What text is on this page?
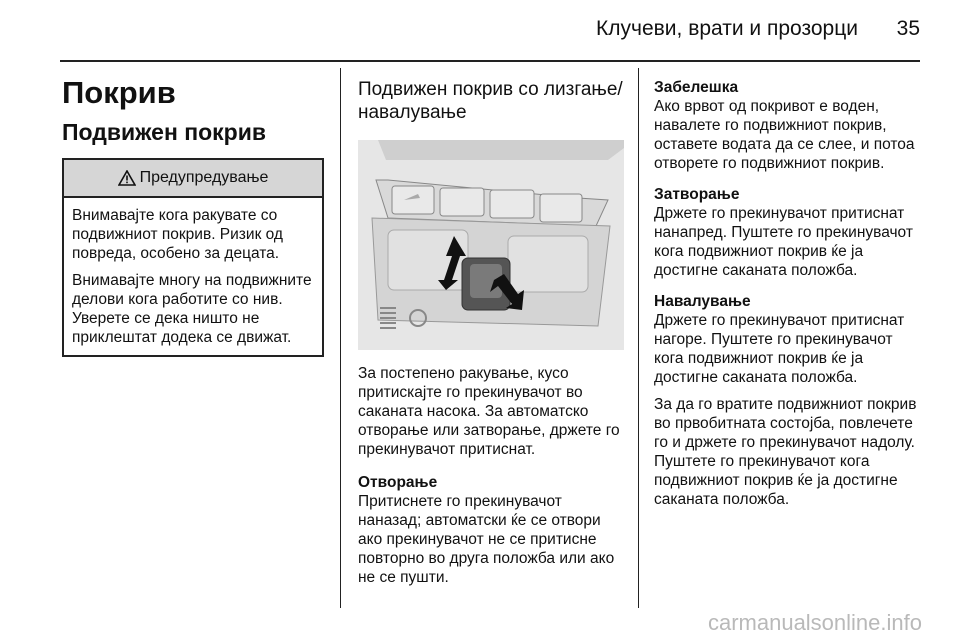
Клучеви, врати и прозорци 35
Покрив
Подвижен покрив
Предупредување

Внимавајте кога ракувате со подвижниот покрив. Ризик од повреда, особено за децата.

Внимавајте многу на подвижните делови кога работите со нив. Уверете се дека ништо не приклештат додека се движат.

Подвижен покрив со лизгање/навалување

За постепено ракување, кусо притискајте го прекинувачот во саканата насока. За автоматско отворање или затворање, држете го прекинувачот притиснат.

Отворање

Притиснете го прекинувачот наназад; автоматски ќе се отвори ако прекинувачот не се притисне повторно во друга положба или ако не се пушти.

Забелешка

Ако врвот од покривот е воден, навалете го подвижниот покрив, оставете водата да се слее, и потоа отворете го подвижниот покрив.

Затворање

Држете го прекинувачот притиснат нанапред. Пуштете го прекинувачот кога подвижниот покрив ќе ја достигне саканата положба.

Навалување

Држете го прекинувачот притиснат нагоре. Пуштете го прекинувачот кога подвижниот покрив ќе ја достигне саканата положба.

За да го вратите подвижниот покрив во првобитната состојба, повлечете го и држете го прекинувачот надолу. Пуштете го прекинувачот кога подвижниот покрив ќе ја достигне саканата положба.

carmanualsonline.info
